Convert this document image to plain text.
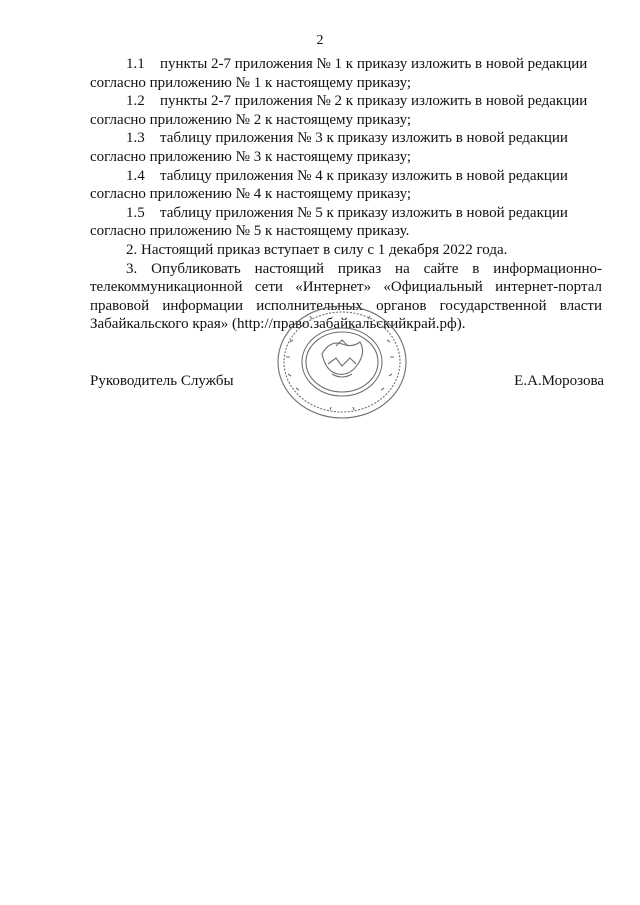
2

1.1 пункты 2-7 приложения № 1 к приказу изложить в новой редакции

согласно приложению № 1 к настоящему приказу;

1.2 пункты 2-7 приложения № 2 к приказу изложить в новой редакции

согласно приложению № 2 к настоящему приказу;

1.3 таблицу приложения № 3 к приказу изложить в новой редакции

согласно приложению № 3 к настоящему приказу;

1.4 таблицу приложения № 4 к приказу изложить в новой редакции

согласно приложению № 4 к настоящему приказу;

1.5 таблицу приложения № 5 к приказу изложить в новой редакции

согласно приложению № 5 к настоящему приказу.

2. Настоящий приказ вступает в силу с 1 декабря 2022 года.

3. Опубликовать настоящий приказ на сайте в информационно-телекоммуникационной сети «Интернет» «Официальный интернет-портал правовой информации исполнительных органов государственной власти Забайкальского края» (http://право.забайкальскийкрай.рф).

Руководитель Службы	Е.А.Морозова
